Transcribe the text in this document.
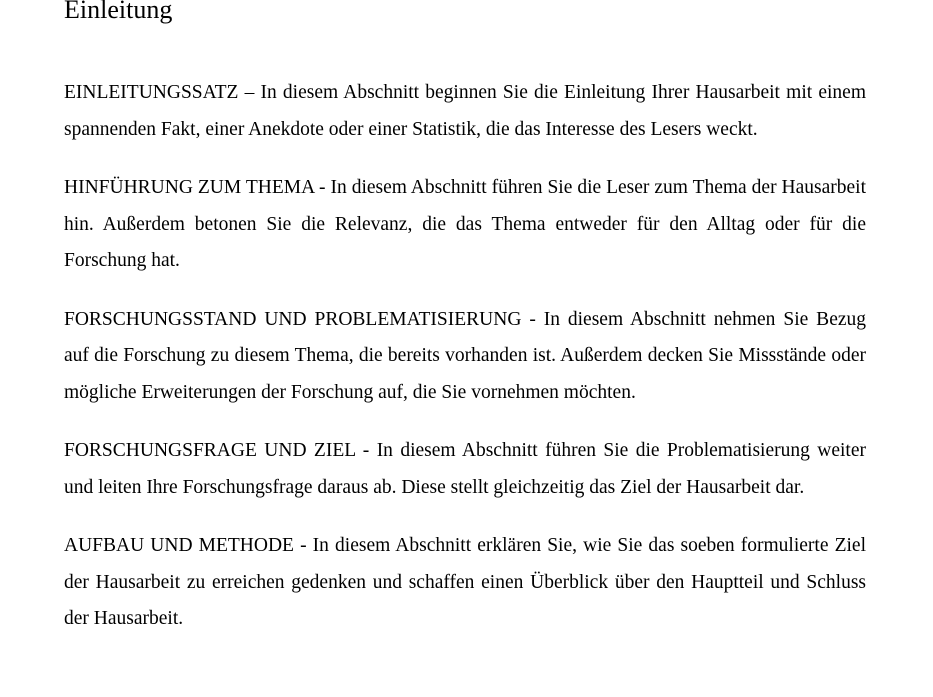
Einleitung

EINLEITUNGSSATZ – In diesem Abschnitt beginnen Sie die Einleitung Ihrer Hausarbeit mit einem spannenden Fakt, einer Anekdote oder einer Statistik, die das Interesse des Lesers weckt.

HINFÜHRUNG ZUM THEMA - In diesem Abschnitt führen Sie die Leser zum Thema der Hausarbeit hin. Außerdem betonen Sie die Relevanz, die das Thema entweder für den Alltag oder für die Forschung hat.

FORSCHUNGSSTAND UND PROBLEMATISIERUNG - In diesem Abschnitt nehmen Sie Bezug auf die Forschung zu diesem Thema, die bereits vorhanden ist. Außerdem decken Sie Missstände oder mögliche Erweiterungen der Forschung auf, die Sie vornehmen möchten.

FORSCHUNGSFRAGE UND ZIEL - In diesem Abschnitt führen Sie die Problematisierung weiter und leiten Ihre Forschungsfrage daraus ab. Diese stellt gleichzeitig das Ziel der Hausarbeit dar.

AUFBAU UND METHODE - In diesem Abschnitt erklären Sie, wie Sie das soeben formulierte Ziel der Hausarbeit zu erreichen gedenken und schaffen einen Überblick über den Hauptteil und Schluss der Hausarbeit.
